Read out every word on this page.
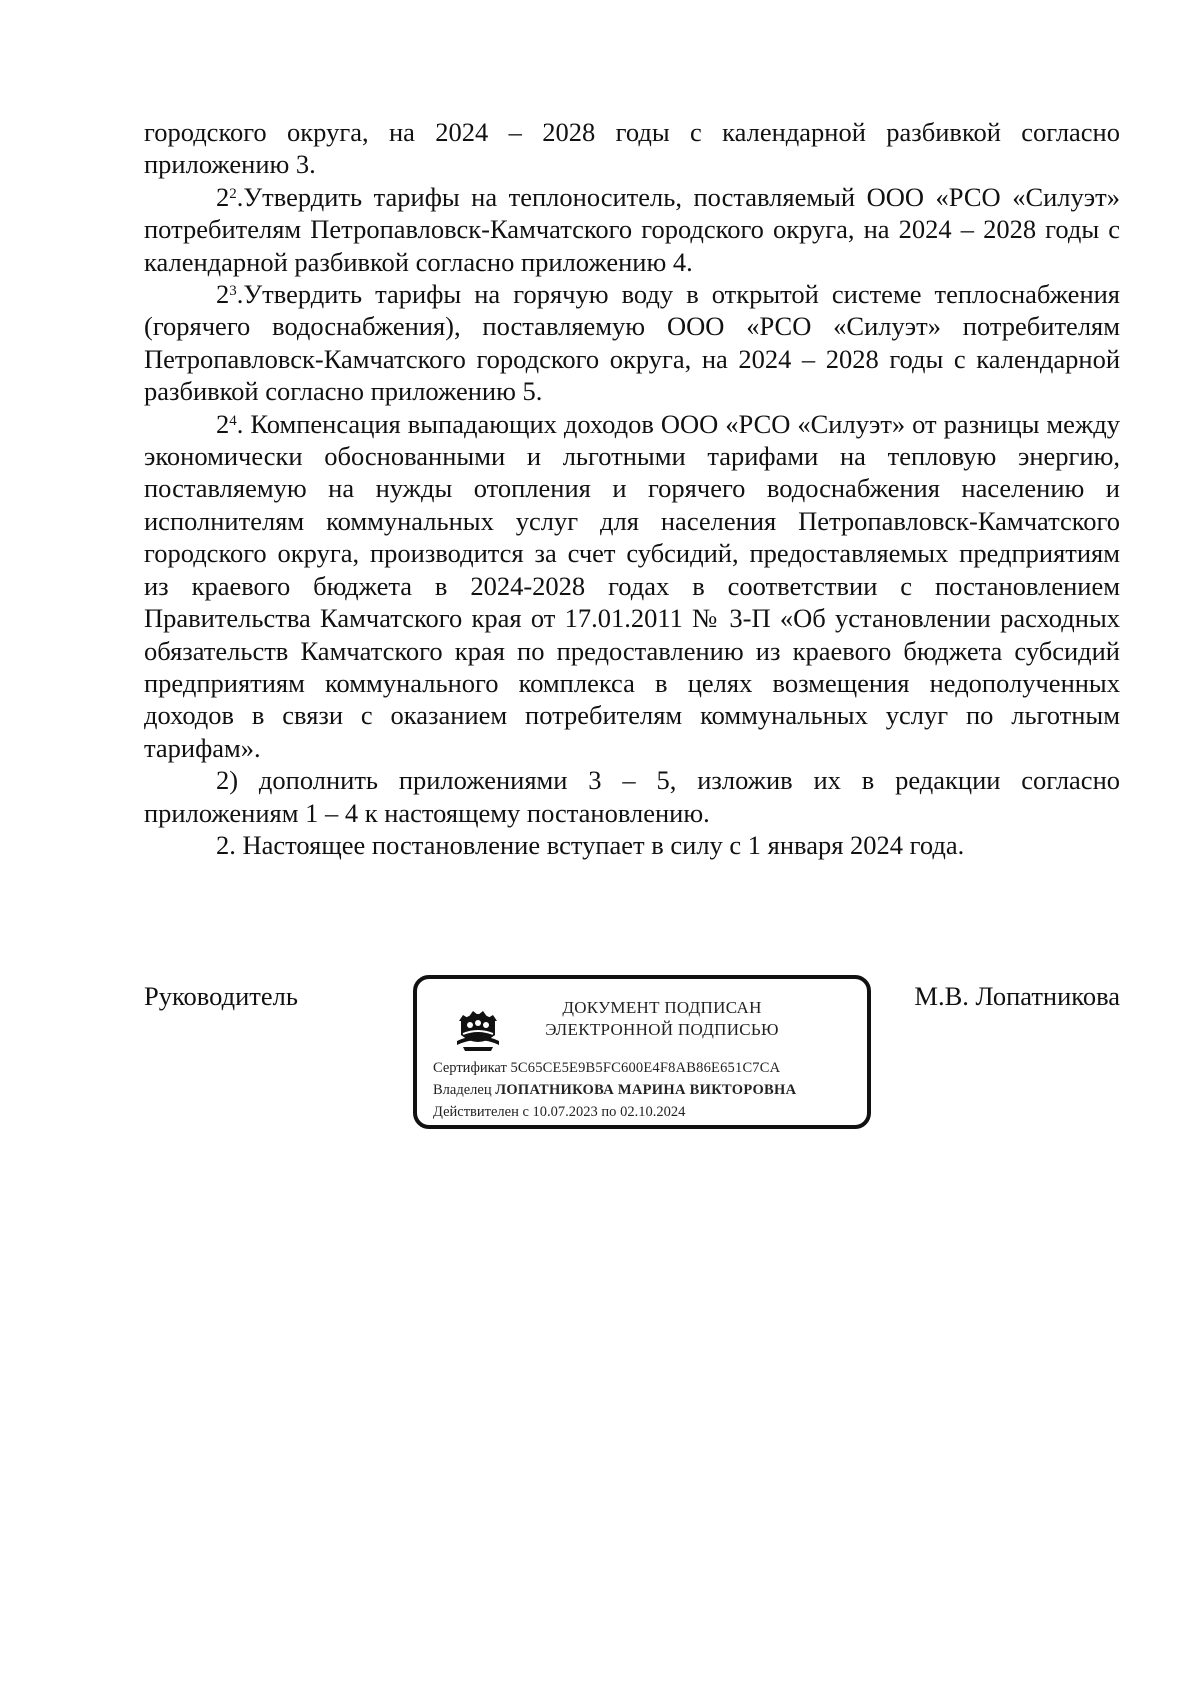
городского округа, на 2024 – 2028 годы с календарной разбивкой согласно приложению 3.

$2^2.Утвердить$ тарифы на теплоноситель, поставляемый ООО «РСО «Силуэт» потребителям Петропавловск-Камчатского городского округа, на 2024 – 2028 годы с календарной разбивкой согласно приложению 4.

$2^3.Утвердить$ тарифы на горячую воду в открытой системе теплоснабжения (горячего водоснабжения), поставляемую ООО «РСО «Силуэт» потребителям Петропавловск-Камчатского городского округа, на 2024 – 2028 годы с календарной разбивкой согласно приложению 5.

$2^4$. Компенсация выпадающих доходов ООО «РСО «Силуэт» от разницы между экономически обоснованными и льготными тарифами на тепловую энергию, поставляемую на нужды отопления и горячего водоснабжения населению и исполнителям коммунальных услуг для населения Петропавловск-Камчатского городского округа, производится за счет субсидий, предоставляемых предприятиям из краевого бюджета в 2024-2028 годах в соответствии с постановлением Правительства Камчатского края от 17.01.2011 № 3-П «Об установлении расходных обязательств Камчатского края по предоставлению из краевого бюджета субсидий предприятиям коммунального комплекса в целях возмещения недополученных доходов в связи с оказанием потребителям коммунальных услуг по льготным тарифам».

2) дополнить приложениями 3 – 5, изложив их в редакции согласно приложениям 1 – 4 к настоящему постановлению.

2. Настоящее постановление вступает в силу с 1 января 2024 года.

Руководитель	ДОКУМЕНТ ПОДПИСАН
ЭЛЕКТРОННОЙ ПОДПИСЬЮ
Сертификат 5C65CE5E9B5FC600E4F8AB86E651C7CA
Владелец ЛОПАТНИКОВА МАРИНА ВИКТОРОВНА
Действителен с 10.07.2023 по 02.10.2024
М.В. Лопатникова
